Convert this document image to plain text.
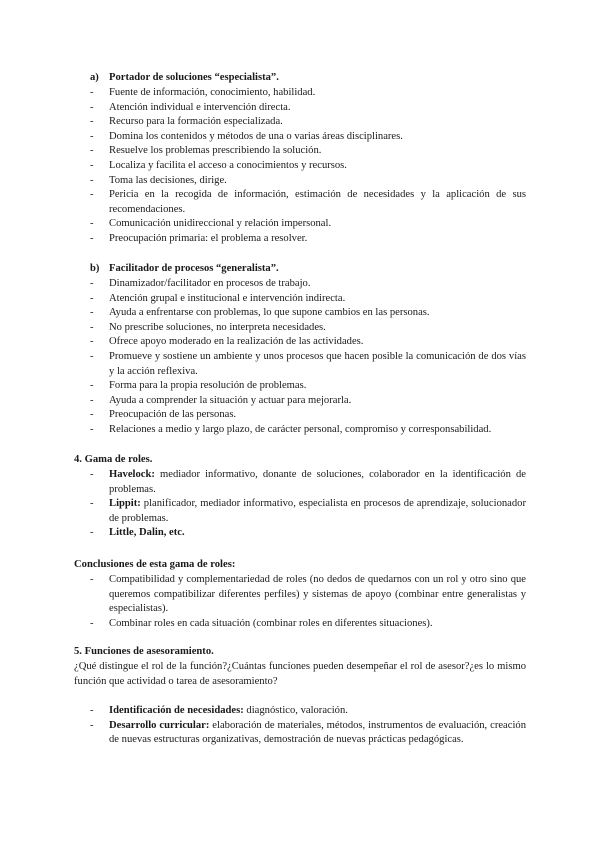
a) Portador de soluciones “especialista”.
- Fuente de información, conocimiento, habilidad.
- Atención individual e intervención directa.
- Recurso para la formación especializada.
- Domina los contenidos y métodos de una o varias áreas disciplinares.
- Resuelve los problemas prescribiendo la solución.
- Localiza y facilita el acceso a conocimientos y recursos.
- Toma las decisiones, dirige.
- Pericia en la recogida de información, estimación de necesidades y la aplicación de sus recomendaciones.
- Comunicación unidireccional y relación impersonal.
- Preocupación primaria: el problema a resolver.
b) Facilitador de procesos “generalista”.
- Dinamizador/facilitador en procesos de trabajo.
- Atención grupal e institucional e intervención indirecta.
- Ayuda a enfrentarse con problemas, lo que supone cambios en las personas.
- No prescribe soluciones, no interpreta necesidades.
- Ofrece apoyo moderado en la realización de las actividades.
- Promueve y sostiene un ambiente y unos procesos que hacen posible la comunicación de dos vías y la acción reflexiva.
- Forma para la propia resolución de problemas.
- Ayuda a comprender la situación y actuar para mejorarla.
- Preocupación de las personas.
- Relaciones a medio y largo plazo, de carácter personal, compromiso y corresponsabilidad.
4. Gama de roles.
- Havelock: mediador informativo, donante de soluciones, colaborador en la identificación de problemas.
- Lippit: planificador, mediador informativo, especialista en procesos de aprendizaje, solucionador de problemas.
- Little, Dalin, etc.
Conclusiones de esta gama de roles:
- Compatibilidad y complementariedad de roles (no dedos de quedarnos con un rol y otro sino que queremos compatibilizar diferentes perfiles) y sistemas de apoyo (combinar entre generalistas y especialistas).
- Combinar roles en cada situación (combinar roles en diferentes situaciones).
5. Funciones de asesoramiento.
¿Qué distingue el rol de la función?¿Cuántas funciones pueden desempeñar el rol de asesor?¿es lo mismo función que actividad o tarea de asesoramiento?
- Identificación de necesidades: diagnóstico, valoración.
- Desarrollo curricular: elaboración de materiales, métodos, instrumentos de evaluación, creación de nuevas estructuras organizativas, demostración de nuevas prácticas pedagógicas.
